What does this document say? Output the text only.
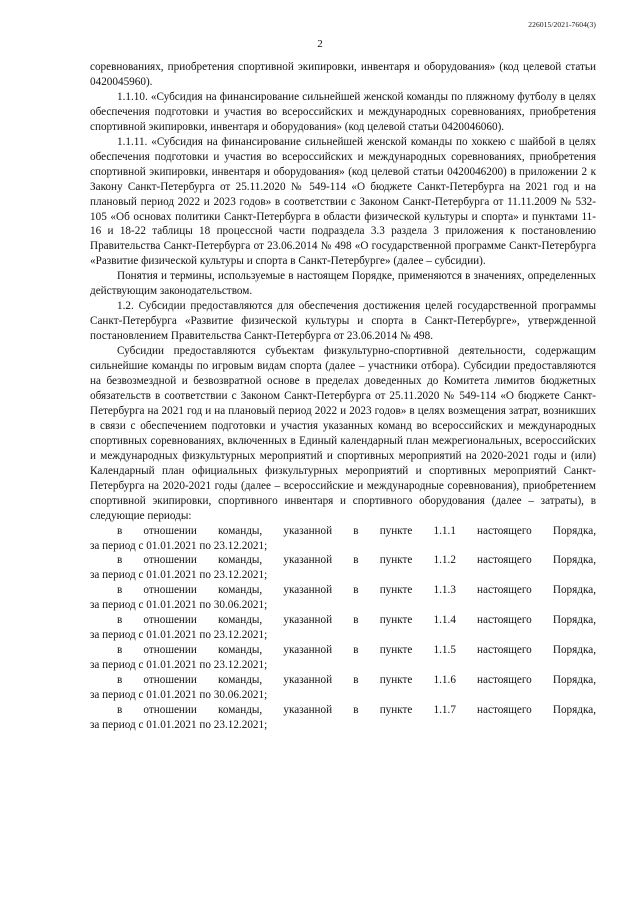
226015/2021-7604(3)
2

соревнованиях, приобретения спортивной экипировки, инвентаря и оборудования» (код целевой статьи 0420045960).

1.1.10. «Субсидия на финансирование сильнейшей женской команды по пляжному футболу в целях обеспечения подготовки и участия во всероссийских и международных соревнованиях, приобретения спортивной экипировки, инвентаря и оборудования» (код целевой статьи 0420046060).

1.1.11. «Субсидия на финансирование сильнейшей женской команды по хоккею с шайбой в целях обеспечения подготовки и участия во всероссийских и международных соревнованиях, приобретения спортивной экипировки, инвентаря и оборудования» (код целевой статьи 0420046200) в приложении 2 к Закону Санкт-Петербурга от 25.11.2020 № 549-114 «О бюджете Санкт-Петербурга на 2021 год и на плановый период 2022 и 2023 годов» в соответствии с Законом Санкт-Петербурга от 11.11.2009 № 532-105 «Об основах политики Санкт-Петербурга в области физической культуры и спорта» и пунктами 11-16 и 18-22 таблицы 18 процессной части подраздела 3.3 раздела 3 приложения к постановлению Правительства Санкт-Петербурга от 23.06.2014 № 498 «О государственной программе Санкт-Петербурга «Развитие физической культуры и спорта в Санкт-Петербурге» (далее – субсидии).

Понятия и термины, используемые в настоящем Порядке, применяются в значениях, определенных действующим законодательством.

1.2. Субсидии предоставляются для обеспечения достижения целей государственной программы Санкт-Петербурга «Развитие физической культуры и спорта в Санкт-Петербурге», утвержденной постановлением Правительства Санкт-Петербурга от 23.06.2014 № 498.

Субсидии предоставляются субъектам физкультурно-спортивной деятельности, содержащим сильнейшие команды по игровым видам спорта (далее – участники отбора). Субсидии предоставляются на безвозмездной и безвозвратной основе в пределах доведенных до Комитета лимитов бюджетных обязательств в соответствии с Законом Санкт-Петербурга от 25.11.2020 № 549-114 «О бюджете Санкт-Петербурга на 2021 год и на плановый период 2022 и 2023 годов» в целях возмещения затрат, возникших в связи с обеспечением подготовки и участия указанных команд во всероссийских и международных спортивных соревнованиях, включенных в Единый календарный план межрегиональных, всероссийских и международных физкультурных мероприятий и спортивных мероприятий на 2020-2021 годы и (или) Календарный план официальных физкультурных мероприятий и спортивных мероприятий Санкт-Петербурга на 2020-2021 годы (далее – всероссийские и международные соревнования), приобретением спортивной экипировки, спортивного инвентаря и спортивного оборудования (далее – затраты), в следующие периоды:

в отношении команды, указанной в пункте 1.1.1 настоящего Порядка,

за период с 01.01.2021 по 23.12.2021;

в отношении команды, указанной в пункте 1.1.2 настоящего Порядка,

за период с 01.01.2021 по 23.12.2021;

в отношении команды, указанной в пункте 1.1.3 настоящего Порядка,

за период с 01.01.2021 по 30.06.2021;

в отношении команды, указанной в пункте 1.1.4 настоящего Порядка,

за период с 01.01.2021 по 23.12.2021;

в отношении команды, указанной в пункте 1.1.5 настоящего Порядка,

за период с 01.01.2021 по 23.12.2021;

в отношении команды, указанной в пункте 1.1.6 настоящего Порядка,

за период с 01.01.2021 по 30.06.2021;

в отношении команды, указанной в пункте 1.1.7 настоящего Порядка,

за период с 01.01.2021 по 23.12.2021;
